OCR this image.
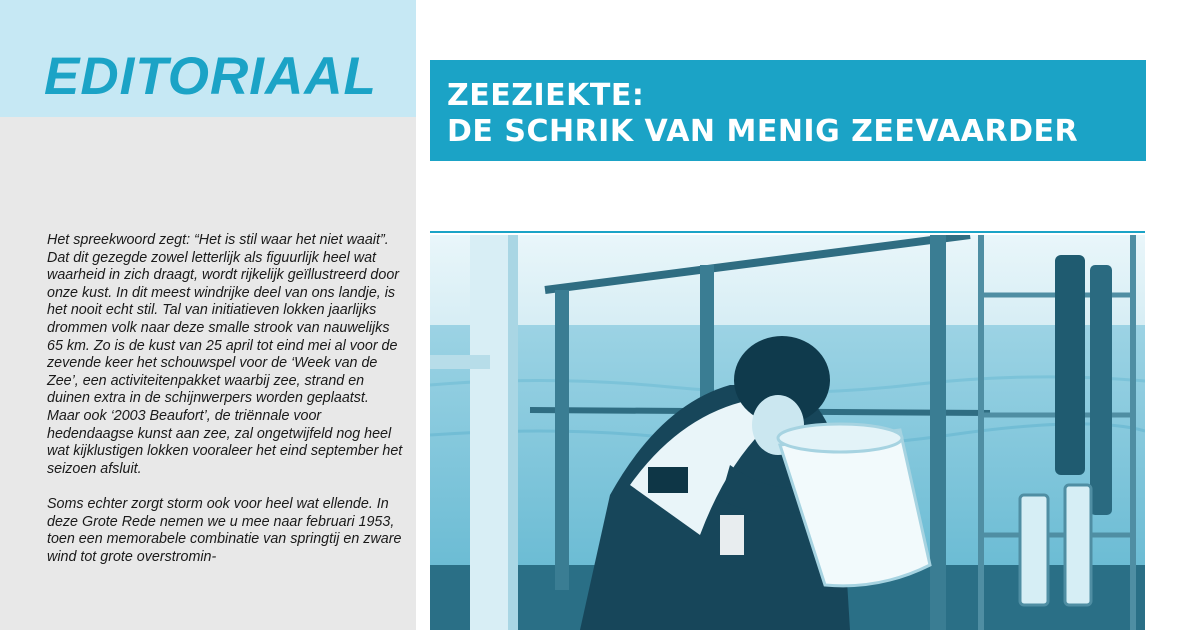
EDITORIAAL

Het spreekwoord zegt: “Het is stil waar het niet waait”. Dat dit gezegde zowel letterlijk als figuurlijk heel wat waarheid in zich draagt, wordt rijkelijk geïllustreerd door onze kust. In dit meest windrijke deel van ons landje, is het nooit echt stil. Tal van initiatieven lokken jaarlijks drommen volk naar deze smalle strook van nauwelijks 65 km. Zo is de kust van 25 april tot eind mei al voor de zevende keer het schouwspel voor de ‘Week van de Zee’, een activiteitenpakket waarbij zee, strand en duinen extra in de schijnwerpers worden geplaatst. Maar ook ‘2003 Beaufort’, de triënnale voor hedendaagse kunst aan zee, zal ongetwijfeld nog heel wat kijklustigen lokken vooraleer het eind september het seizoen afsluit.

Soms echter zorgt storm ook voor heel wat ellende. In deze Grote Rede nemen we u mee naar februari 1953, toen een memorabele combinatie van springtij en zware wind tot grote overstromin-

ZEEZIEKTE:
DE SCHRIK VAN MENIG ZEEVAARDER
